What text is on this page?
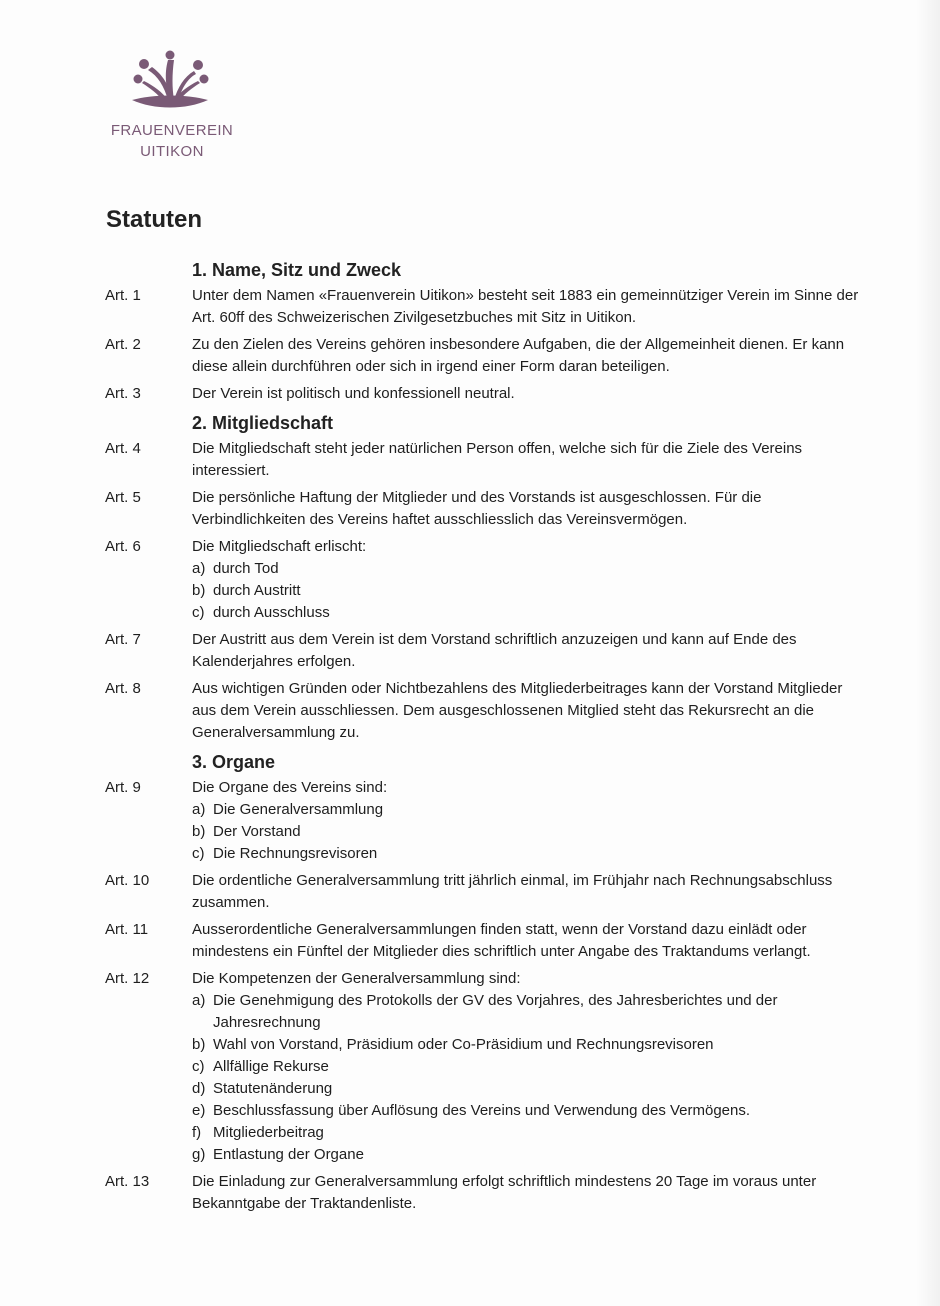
FRAUENVEREIN
UITIKON
Statuten
1. Name, Sitz und Zweck
Art. 1	Unter dem Namen «Frauenverein Uitikon» besteht seit 1883 ein gemeinnütziger Verein im Sinne der Art. 60ff des Schweizerischen Zivilgesetzbuches mit Sitz in Uitikon.
Art. 2	Zu den Zielen des Vereins gehören insbesondere Aufgaben, die der Allgemeinheit dienen. Er kann diese allein durchführen oder sich in irgend einer Form daran beteiligen.
Art. 3	Der Verein ist politisch und konfessionell neutral.
2. Mitgliedschaft
Art. 4	Die Mitgliedschaft steht jeder natürlichen Person offen, welche sich für die Ziele des Vereins interessiert.
Art. 5	Die persönliche Haftung der Mitglieder und des Vorstands ist ausgeschlossen. Für die Verbindlichkeiten des Vereins haftet ausschliesslich das Vereinsvermögen.
Art. 6	Die Mitgliedschaft erlischt:
a) durch Tod
b) durch Austritt
c) durch Ausschluss
Art. 7	Der Austritt aus dem Verein ist dem Vorstand schriftlich anzuzeigen und kann auf Ende des Kalenderjahres erfolgen.
Art. 8	Aus wichtigen Gründen oder Nichtbezahlens des Mitgliederbeitrages kann der Vorstand Mitglieder aus dem Verein ausschliessen. Dem ausgeschlossenen Mitglied steht das Rekursrecht an die Generalversammlung zu.
3. Organe
Art. 9	Die Organe des Vereins sind:
a) Die Generalversammlung
b) Der Vorstand
c) Die Rechnungsrevisoren
Art. 10	Die ordentliche Generalversammlung tritt jährlich einmal, im Frühjahr nach Rechnungsabschluss zusammen.
Art. 11	Ausserordentliche Generalversammlungen finden statt, wenn der Vorstand dazu einlädt oder mindestens ein Fünftel der Mitglieder dies schriftlich unter Angabe des Traktandums verlangt.
Art. 12	Die Kompetenzen der Generalversammlung sind:
a) Die Genehmigung des Protokolls der GV des Vorjahres, des Jahresberichtes und der Jahresrechnung
b) Wahl von Vorstand, Präsidium oder Co-Präsidium und Rechnungsrevisoren
c) Allfällige Rekurse
d) Statutenänderung
e) Beschlussfassung über Auflösung des Vereins und Verwendung des Vermögens.
f) Mitgliederbeitrag
g) Entlastung der Organe
Art. 13	Die Einladung zur Generalversammlung erfolgt schriftlich mindestens 20 Tage im voraus unter Bekanntgabe der Traktandenliste.
